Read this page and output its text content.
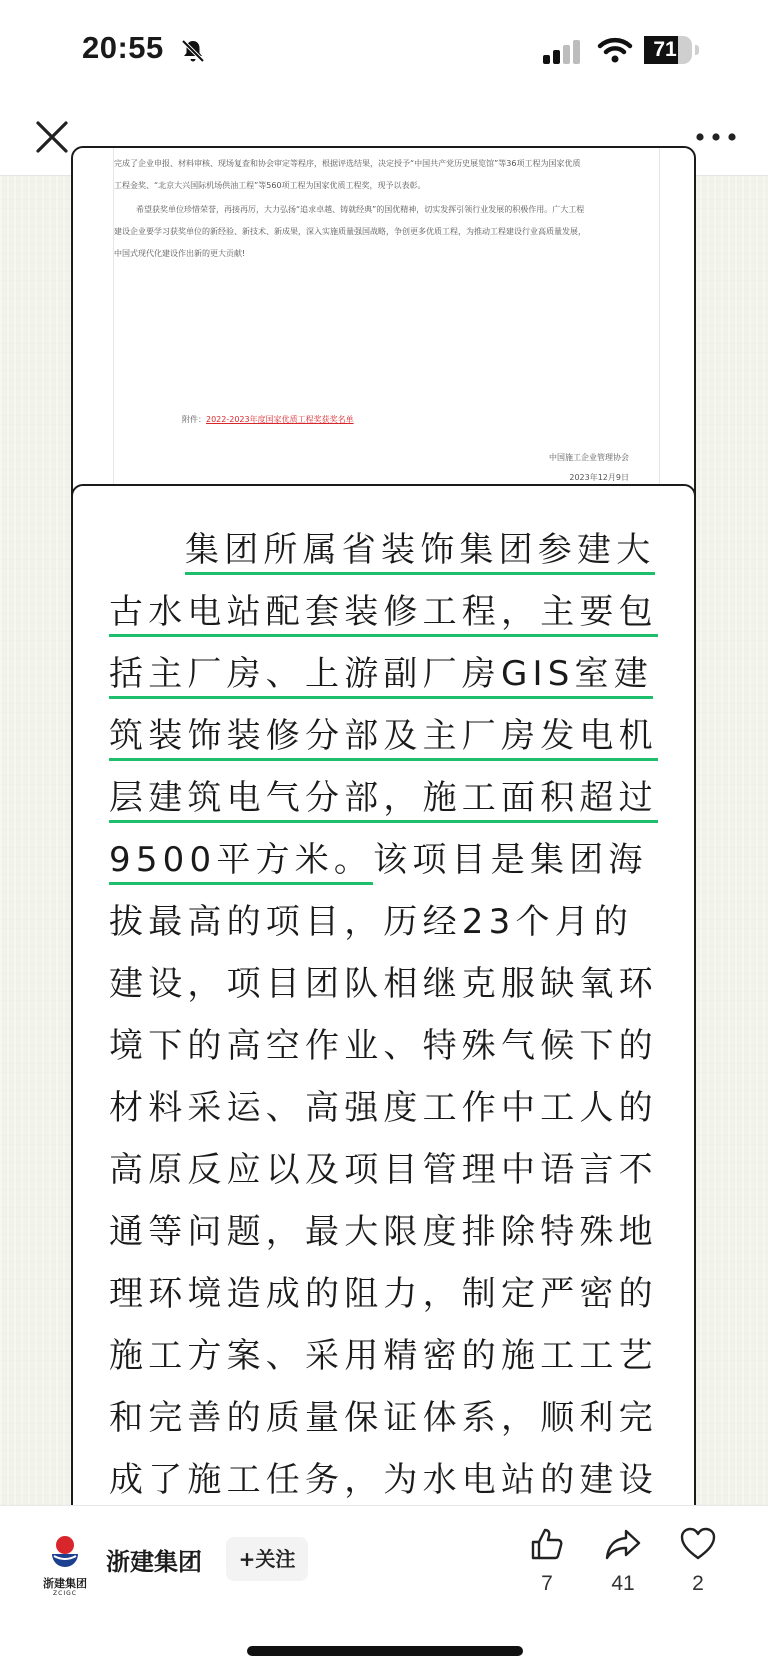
20:55	71
完成了企业申报、材料审核、现场复查和协会审定等程序，根据评选结果，决定授予“中国共产党历史展览馆”等36项工程为国家优质
工程金奖、“北京大兴国际机场供油工程”等560项工程为国家优质工程奖，现予以表彰。
希望获奖单位珍惜荣誉，再接再厉，大力弘扬“追求卓越、铸就经典”的国优精神，切实发挥引领行业发展的积极作用。广大工程
建设企业要学习获奖单位的新经验、新技术、新成果，深入实施质量强国战略，争创更多优质工程，为推动工程建设行业高质量发展，
中国式现代化建设作出新的更大贡献!
附件：2022-2023年度国家优质工程奖获奖名单
中国施工企业管理协会
2023年12月9日
集团所属省装饰集团参建大古水电站配套装修工程，主要包括主厂房、上游副厂房GIS室建筑装饰装修分部及主厂房发电机层建筑电气分部，施工面积超过9500平方米。该项目是集团海拔最高的项目，历经23个月的建设，项目团队相继克服缺氧环境下的高空作业、特殊气候下的材料采运、高强度工作中工人的高原反应以及项目管理中语言不通等问题，最大限度排除特殊地理环境造成的阻力，制定严密的施工方案、采用精密的施工工艺和完善的质量保证体系，顺利完成了施工任务，为水电站的建设
浙建集团
ZCIGC
浙建集团	+关注
7	41	2
